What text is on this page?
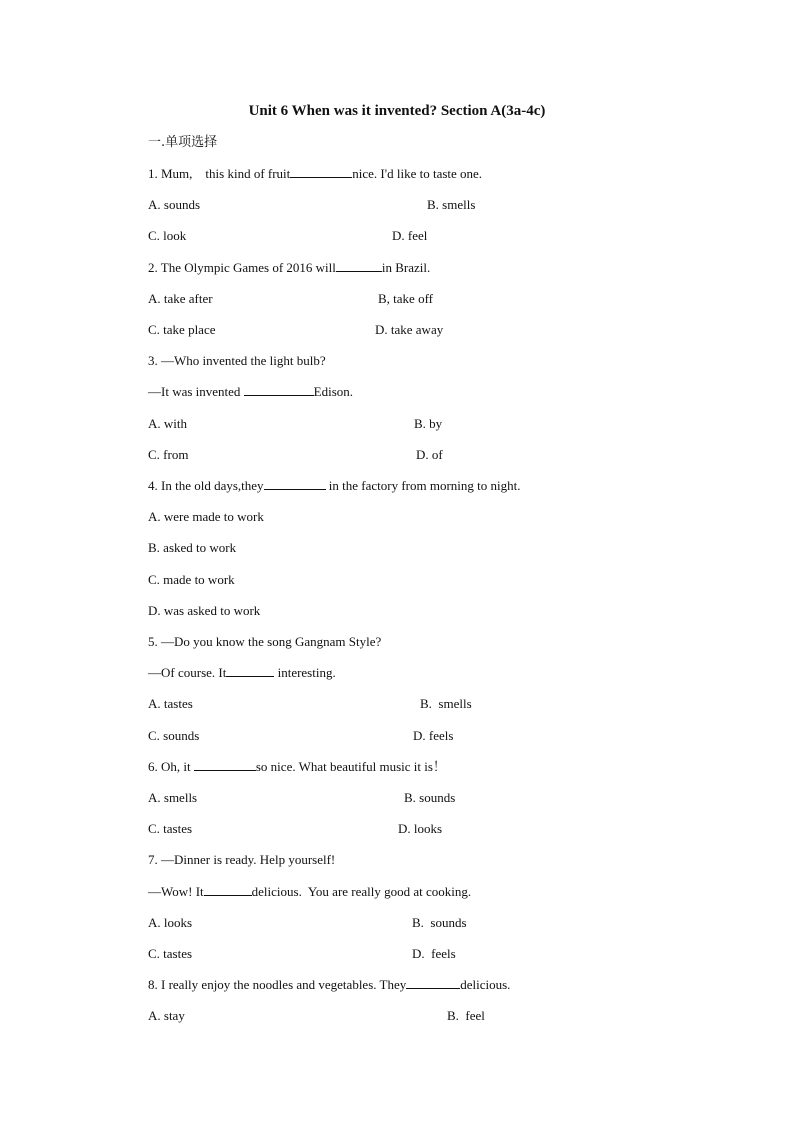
Unit 6 When was it invented? Section A(3a-4c)
一.单项选择
1. Mum,    this kind of fruit	nice. I'd like to taste one.
A. sounds	B. smells
C. look	D. feel
2. The Olympic Games of 2016 will	in Brazil.
A. take after	B, take off
C. take place	D. take away
3. —Who invented the light bulb?
—It was invented	Edison.
A. with	B. by
C. from	D. of
4. In the old days,they	in the factory from morning to night.
A. were made to work
B. asked to work
C. made to work
D. was asked to work
5. —Do you know the song Gangnam Style?
—Of course. It	interesting.
A. tastes	B.  smells
C. sounds	D. feels
6. Oh, it	so nice. What beautiful music it is！
A. smells	B. sounds
C. tastes	D. looks
7. —Dinner is ready. Help yourself!
—Wow! It	delicious.  You are really good at cooking.
A. looks	B.  sounds
C. tastes	D.  feels
8. I really enjoy the noodles and vegetables. They	delicious.
A. stay	B.  feel
